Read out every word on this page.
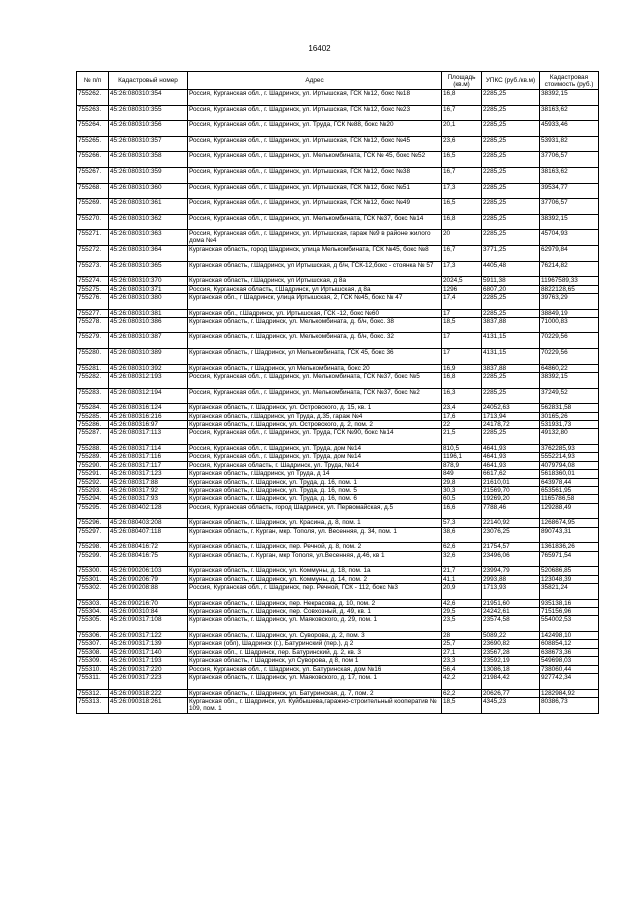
16402
№ п/п	Кадастровый номер	Адрес	Площадь (кв.м)	УПКС (руб./кв.м)	Кадастровая стоимость (руб.)
755262.	45:26:080310:354	Россия, Курганская обл., г. Шадринск, ул. Иртышская, ГСК №12, бокс №18	16,8	2285,25	38392,15
755263.	45:26:080310:355	Россия, Курганская обл., г. Шадринск, ул. Иртышская, ГСК №12, бокс №23	16,7	2285,25	38163,62
755264.	45:26:080310:356	Россия, Курганская обл., г. Шадринск, ул. Труда, ГСК №88, бокс №20	20,1	2285,25	45933,46
755265.	45:26:080310:357	Россия, Курганская обл., г. Шадринск, ул. Иртышская, ГСК №12, бокс №45	23,6	2285,25	53931,82
755266.	45:26:080310:358	Россия, Курганская обл., г. Шадринск, ул. Мелькомбината, ГСК № 45, бокс №52	16,5	2285,25	37706,57
755267.	45:26:080310:359	Россия, Курганская обл., г. Шадринск, ул. Иртышская, ГСК №12, бокс №38	16,7	2285,25	38163,62
755268.	45:26:080310:360	Россия, Курганская обл., г. Шадринск, ул. Иртышская, ГСК №12, бокс №51	17,3	2285,25	39534,77
755269.	45:26:080310:361	Россия, Курганская обл., г. Шадринск, ул. Иртышская, ГСК №12, бокс №49	16,5	2285,25	37706,57
755270.	45:26:080310:362	Россия, Курганская обл., г. Шадринск, ул. Мелькомбината, ГСК №37, бокс №14	16,8	2285,25	38392,15
755271.	45:26:080310:363	Россия, Курганская обл., г. Шадринск, ул. Иртышская, гараж №9 в районе жилого дома №4	20	2285,25	45704,93
755272.	45:26:080310:364	Курганская область, город Шадринск, улица Мелькомбината, ГСК №45, бокс №8	16,7	3771,25	62979,84
755273.	45:26:080310:365	Курганская область, г.Шадринск, ул Иртышская, д б/н, ГСК-12,бокс - стоянка № 57	17,3	4405,48	76214,82
755274.	45:26:080310:370	Курганская область, г.Шадринск, ул Иртышская, д 8а	2024,5	5911,38	11967589,33
755275.	45:26:080310:371	Россия, Курганская область, г.Шадринск, ул Иртышская, д 8а	1296	6807,20	8822128,65
755276.	45:26:080310:380	Курганская обл., г Шадринск, улица Иртышская, 2, ГСК №45, бокс № 47	17,4	2285,25	39763,29
755277.	45:26:080310:381	Курганская обл., г.Шадринск, ул. Иртышская, ГСК -12, бокс №60	17	2285,25	38849,19
755278.	45:26:080310:386	Курганская область, г. Шадринск, ул. Мелькомбината, д. б/н, бокс. 38	18,5	3837,88	71000,83
755279.	45:26:080310:387	Курганская область, г. Шадринск, ул. Мелькомбината, д. б/н, бокс. 32	17	4131,15	70229,56
755280.	45:26:080310:389	Курганская область, г Шадринск, ул Мелькомбината, ГСК 45, бокс 36	17	4131,15	70229,56
755281.	45:26:080310:392	Курганская область, г Шадринск, ул Мелькомбината, бокс 20	16,9	3837,88	64860,22
755282.	45:26:080312:193	Россия, Курганская обл., г. Шадринск, ул. Мелькомбината, ГСК №37, бокс №5	16,8	2285,25	38392,15
755283.	45:26:080312:194	Россия, Курганская обл., г. Шадринск, ул. Мелькомбината, ГСК №37, бокс №2	16,3	2285,25	37249,52
755284.	45:26:080316:124	Курганская область, г. Шадринск, ул. Островского, д. 15, кв. 1	23,4	24052,63	562831,58
755285.	45:26:080316:216	Курганская область, г.Шадринск, ул Труда, д.35, гараж №4	17,6	1713,94	30165,26
755286.	45:26:080316:97	Курганская область, г. Шадринск, ул. Островского, д. 2, пом. 2	22	24178,72	531931,73
755287.	45:26:080317:113	Россия, Курганская обл., г. Шадринск, ул. Труда, ГСК №90, бокс №14	21,5	2285,25	49132,80
755288.	45:26:080317:114	Россия, Курганская обл., г. Шадринск, ул. Труда, дом №14	810,5	4641,93	3762285,93
755289.	45:26:080317:116	Россия, Курганская обл., г. Шадринск, ул. Труда, дом №14	1196,1	4641,93	5552214,93
755290.	45:26:080317:117	Россия, Курганская область, г. Шадринск, ул. Труда, №14	878,9	4641,93	4079794,08
755291.	45:26:080317:123	Курганская область, г.Шадринск, ул Труда, д 14	849	6617,62	5618360,01
755292.	45:26:080317:88	Курганская область, г. Шадринск, ул. Труда, д. 16, пом. 1	29,8	21610,01	643978,44
755293.	45:26:080317:92	Курганская область, г. Шадринск, ул. Труда, д. 16, пом. 5	30,3	21569,70	653561,95
755294.	45:26:080317:93	Курганская область, г. Шадринск, ул. Труда, д. 16, пом. 6	60,5	19269,20	1165786,58
755295.	45:26:080402:128	Россия, Курганская область, город Шадринск, ул. Первомайская, д.5	16,6	7788,46	129288,49
755296.	45:26:080403:208	Курганская область, г. Шадринск, ул. Красина, д. 8, пом. 1	57,3	22140,92	1268674,95
755297.	45:26:080407:118	Курганская область, г. Курган, мкр. Тополя, ул. Весенняя, д. 34, пом. 1	38,6	23076,25	890743,31
755298.	45:26:080416:72	Курганская область, г. Шадринск, пер. Речной, д. 8, пом. 2	62,6	21754,57	1361836,26
755299.	45:26:080416:75	Курганская область, г. Курган, мкр Тополя, ул.Весенняя, д.46, кв 1	32,6	23496,06	765971,54
755300.	45:26:090206:103	Курганская область, г. Шадринск, ул. Коммуны, д. 18, пом. 1а	21,7	23994,79	520686,85
755301.	45:26:090206:79	Курганская область, г. Шадринск, ул. Коммуны, д. 14, пом. 2	41,1	2993,88	123048,39
755302.	45:26:090208:88	Россия, Курганская обл., г. Шадринск, пер. Речной, ГСК - 112, бокс №3	20,9	1713,93	35821,24
755303.	45:26:090216:70	Курганская область, г. Шадринск, пер. Некрасова, д. 10, пом. 2	42,6	21951,60	935138,16
755304.	45:26:090310:84	Курганская область, г. Шадринск, пер. Совхозный, д. 49, кв. 1	29,5	24242,61	715156,96
755305.	45:26:090317:108	Курганская область, г. Шадринск, ул. Маяковского, д. 29, пом. 1	23,5	23574,58	554002,53
755306.	45:26:090317:122	Курганская область, г. Шадринск, ул. Суворова, д. 2, пом. 3	28	5089,22	142498,10
755307.	45:26:090317:139	Курганская (обл), Шадринск (г.), Батуринский (пер.), д 2	25,7	23690,82	608854,12
755308.	45:26:090317:140	Курганская обл., г. Шадринск, пер. Батуринский, д. 2, кв. 3	27,1	23567,28	638673,36
755309.	45:26:090317:193	Курганская область, г Шадринск, ул Суворова, д 8, пом 1	23,3	23592,19	549698,03
755310.	45:26:090317:220	Россия, Курганская обл., г. Шадринск, ул. Батуринская, дом №16	56,4	13086,18	738060,44
755311.	45:26:090317:223	Курганская область, г. Шадринск, ул. Маяковского, д. 17, пом. 1	42,2	21984,42	927742,34
755312.	45:26:090318:222	Курганская область, г. Шадринск, ул. Батуринская, д. 7, пом. 2	62,2	20626,77	1282984,92
755313.	45:26:090318:261	Курганская обл., г. Шадринск, ул. Куйбышева,гаражно-строительный кооператив № 109, пом. 1	18,5	4345,23	80386,73
